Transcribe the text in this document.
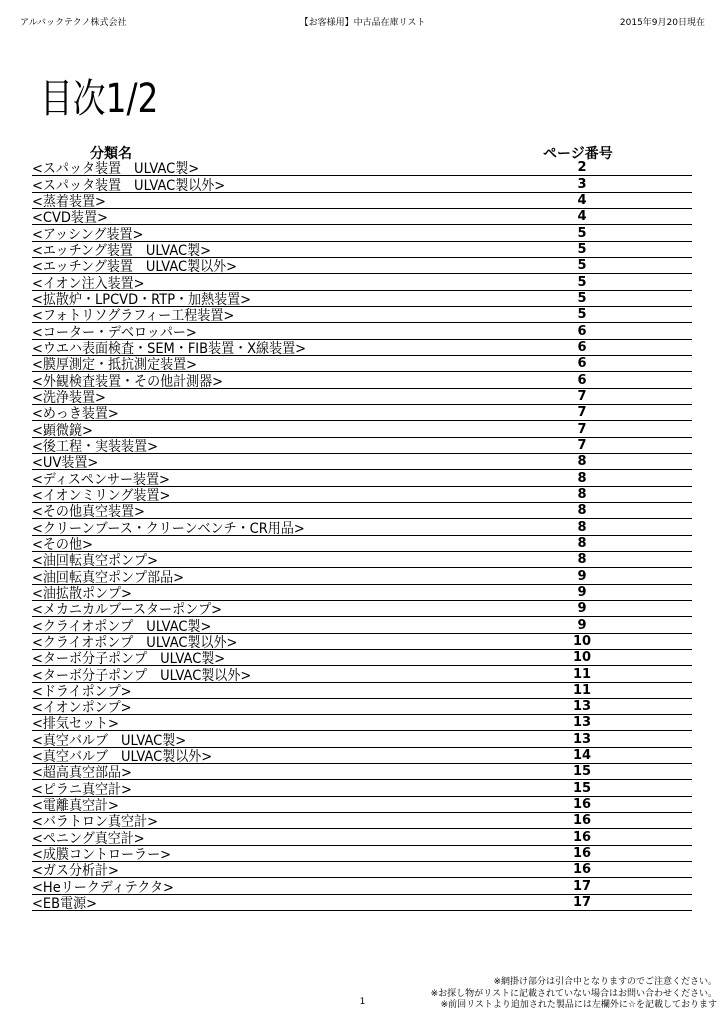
アルバックテクノ株式会社	【お客様用】中古品在庫リスト	2015年9月20日現在
目次1/2
分類名	ページ番号
<スパッタ装置　ULVAC製>	2
<スパッタ装置　ULVAC製以外>	3
<蒸着装置>	4
<CVD装置>	4
<アッシング装置>	5
<エッチング装置　ULVAC製>	5
<エッチング装置　ULVAC製以外>	5
<イオン注入装置>	5
<拡散炉・LPCVD・RTP・加熱装置>	5
<フォトリソグラフィー工程装置>	5
<コーター・デベロッパー>	6
<ウエハ表面検査・SEM・FIB装置・X線装置>	6
<膜厚測定・抵抗測定装置>	6
<外観検査装置・その他計測器>	6
<洗浄装置>	7
<めっき装置>	7
<顕微鏡>	7
<後工程・実装装置>	7
<UV装置>	8
<ディスペンサー装置>	8
<イオンミリング装置>	8
<その他真空装置>	8
<クリーンブース・クリーンベンチ・CR用品>	8
<その他>	8
<油回転真空ポンプ>	8
<油回転真空ポンプ部品>	9
<油拡散ポンプ>	9
<メカニカルブースターポンプ>	9
<クライオポンプ　ULVAC製>	9
<クライオポンプ　ULVAC製以外>	10
<ターボ分子ポンプ　ULVAC製>	10
<ターボ分子ポンプ　ULVAC製以外>	11
<ドライポンプ>	11
<イオンポンプ>	13
<排気セット>	13
<真空バルブ　ULVAC製>	13
<真空バルブ　ULVAC製以外>	14
<超高真空部品>	15
<ピラニ真空計>	15
<電離真空計>	16
<バラトロン真空計>	16
<ペニング真空計>	16
<成膜コントローラー>	16
<ガス分析計>	16
<Heリークディテクタ>	17
<EB電源>	17
※網掛け部分は引合中となりますのでご注意ください。
※お探し物がリストに記載されていない場合はお問い合わせください。
※前回リストより追加された製品には左欄外に☆を記載しております
1
